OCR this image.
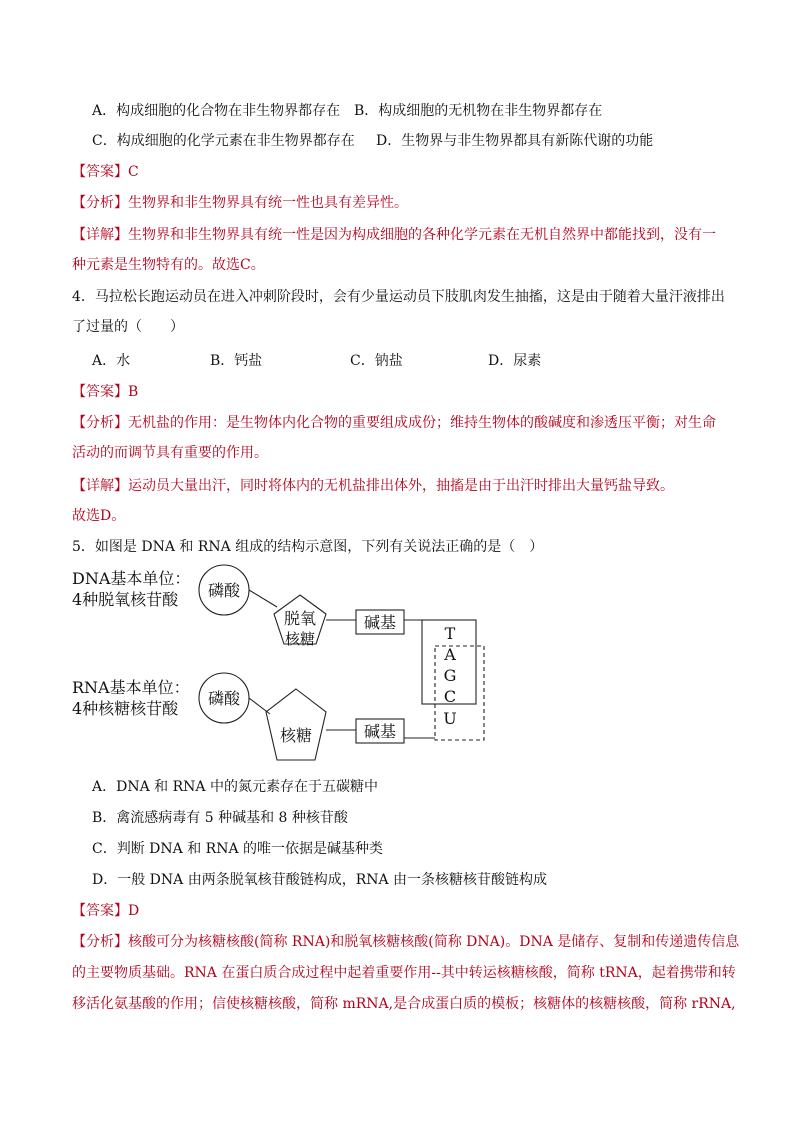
A．构成细胞的化合物在非生物界都存在 B．构成细胞的无机物在非生物界都存在
C．构成细胞的化学元素在非生物界都存在	D．生物界与非生物界都具有新陈代谢的功能
【答案】C
【分析】生物界和非生物界具有统一性也具有差异性。
【详解】生物界和非生物界具有统一性是因为构成细胞的各种化学元素在无机自然界中都能找到，没有一
种元素是生物特有的。故选C。
4．马拉松长跑运动员在进入冲刺阶段时，会有少量运动员下肢肌肉发生抽搐，这是由于随着大量汗液排出
了过量的（　　）
A．水	B．钙盐	C．钠盐	D．尿素
【答案】B
【分析】无机盐的作用：是生物体内化合物的重要组成成份；维持生物体的酸碱度和渗透压平衡；对生命
活动的而调节具有重要的作用。
【详解】运动员大量出汗，同时将体内的无机盐排出体外，抽搐是由于出汗时排出大量钙盐导致。
故选D。
5．如图是 DNA 和 RNA 组成的结构示意图，下列有关说法正确的是（　）
DNA基本单位：
4种脱氧核苷酸 磷酸
脱氧
核糖
碱基
RNA基本单位：
4种核糖核苷酸
磷酸
核糖	碱基
T
A
G
C
U
A．DNA 和 RNA 中的氮元素存在于五碳糖中
B．禽流感病毒有 5 种碱基和 8 种核苷酸
C．判断 DNA 和 RNA 的唯一依据是碱基种类
D．一般 DNA 由两条脱氧核苷酸链构成，RNA 由一条核糖核苷酸链构成
【答案】D
【分析】核酸可分为核糖核酸(简称 RNA)和脱氧核糖核酸(简称 DNA)。DNA 是储存、复制和传递遗传信息
的主要物质基础。RNA 在蛋白质合成过程中起着重要作用--其中转运核糖核酸，简称 tRNA，起着携带和转
移活化氨基酸的作用；信使核糖核酸，简称 mRNA,是合成蛋白质的模板；核糖体的核糖核酸，简称 rRNA,
